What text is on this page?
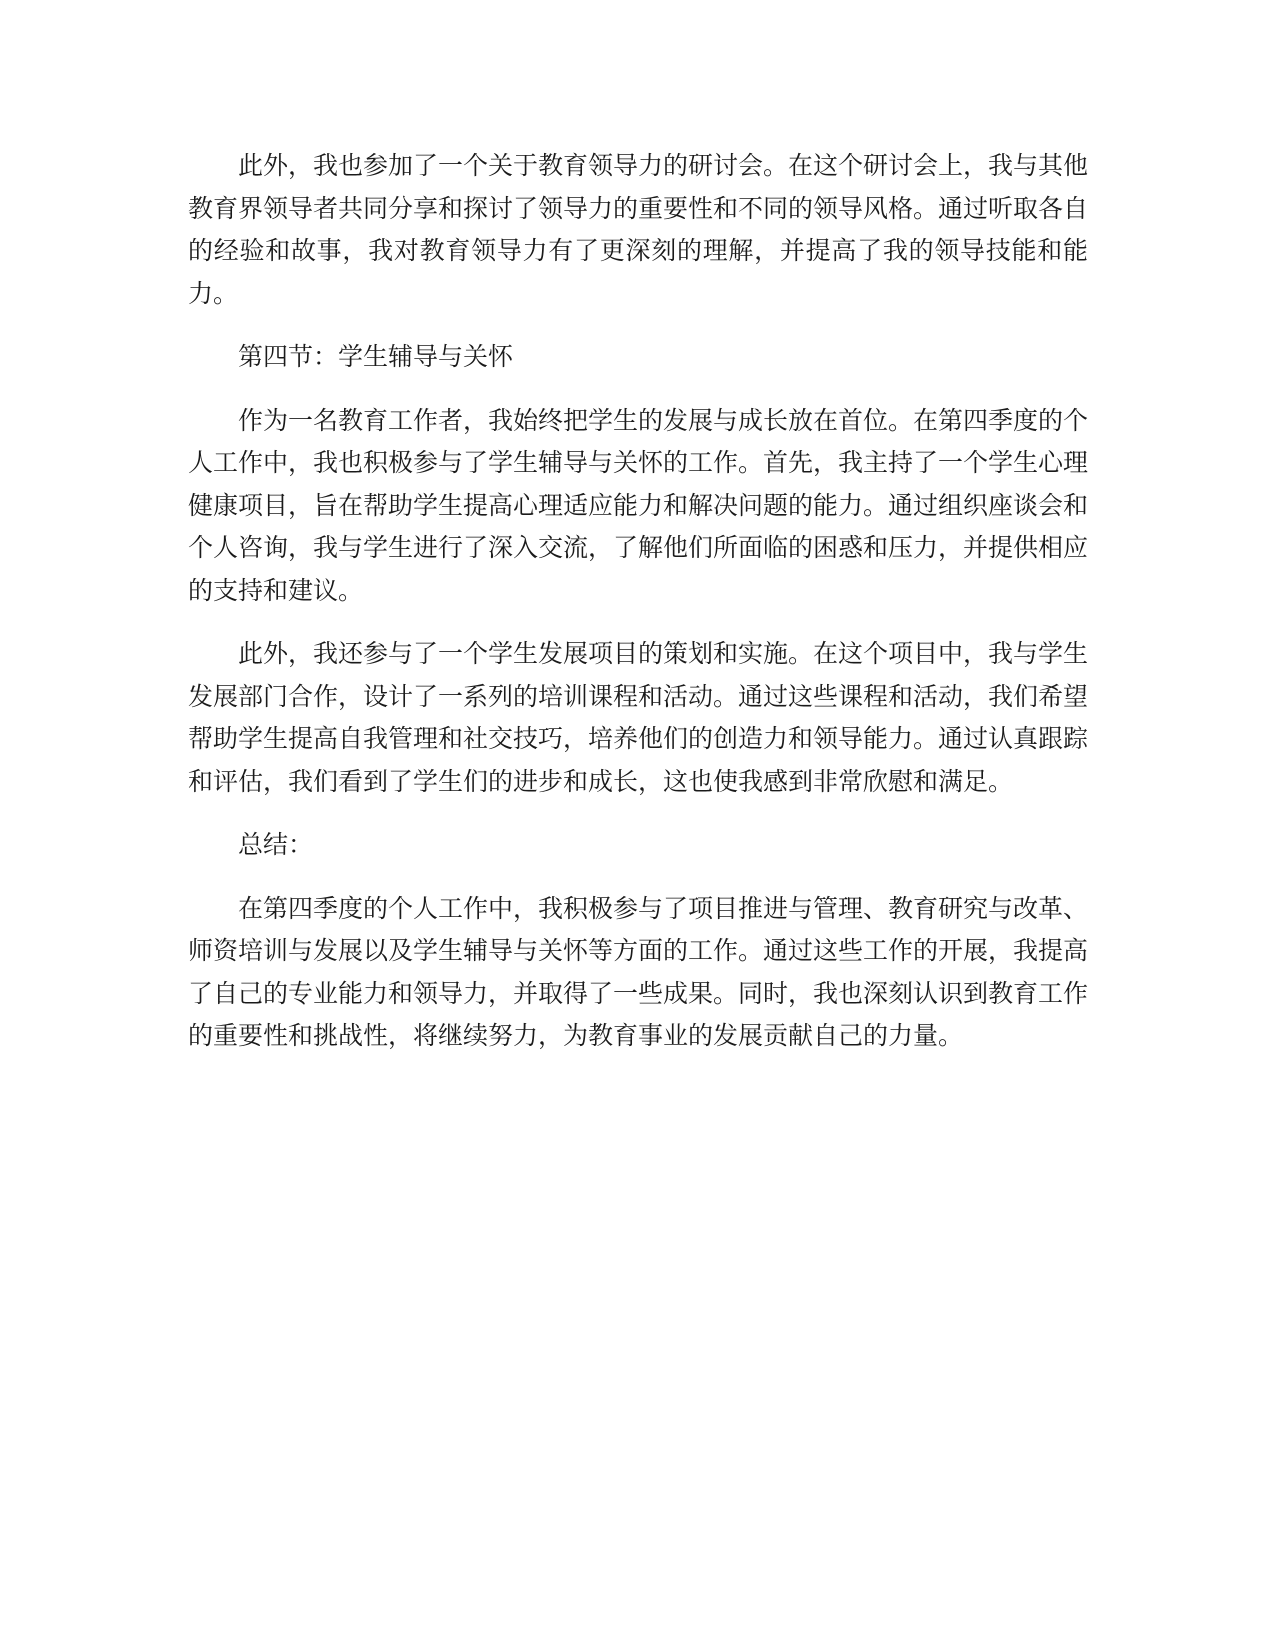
此外，我也参加了一个关于教育领导力的研讨会。在这个研讨会上，我与其他教育界领导者共同分享和探讨了领导力的重要性和不同的领导风格。通过听取各自的经验和故事，我对教育领导力有了更深刻的理解，并提高了我的领导技能和能力。

第四节：学生辅导与关怀

作为一名教育工作者，我始终把学生的发展与成长放在首位。在第四季度的个人工作中，我也积极参与了学生辅导与关怀的工作。首先，我主持了一个学生心理健康项目，旨在帮助学生提高心理适应能力和解决问题的能力。通过组织座谈会和个人咨询，我与学生进行了深入交流，了解他们所面临的困惑和压力，并提供相应的支持和建议。

此外，我还参与了一个学生发展项目的策划和实施。在这个项目中，我与学生发展部门合作，设计了一系列的培训课程和活动。通过这些课程和活动，我们希望帮助学生提高自我管理和社交技巧，培养他们的创造力和领导能力。通过认真跟踪和评估，我们看到了学生们的进步和成长，这也使我感到非常欣慰和满足。

总结：

在第四季度的个人工作中，我积极参与了项目推进与管理、教育研究与改革、师资培训与发展以及学生辅导与关怀等方面的工作。通过这些工作的开展，我提高了自己的专业能力和领导力，并取得了一些成果。同时，我也深刻认识到教育工作的重要性和挑战性，将继续努力，为教育事业的发展贡献自己的力量。
